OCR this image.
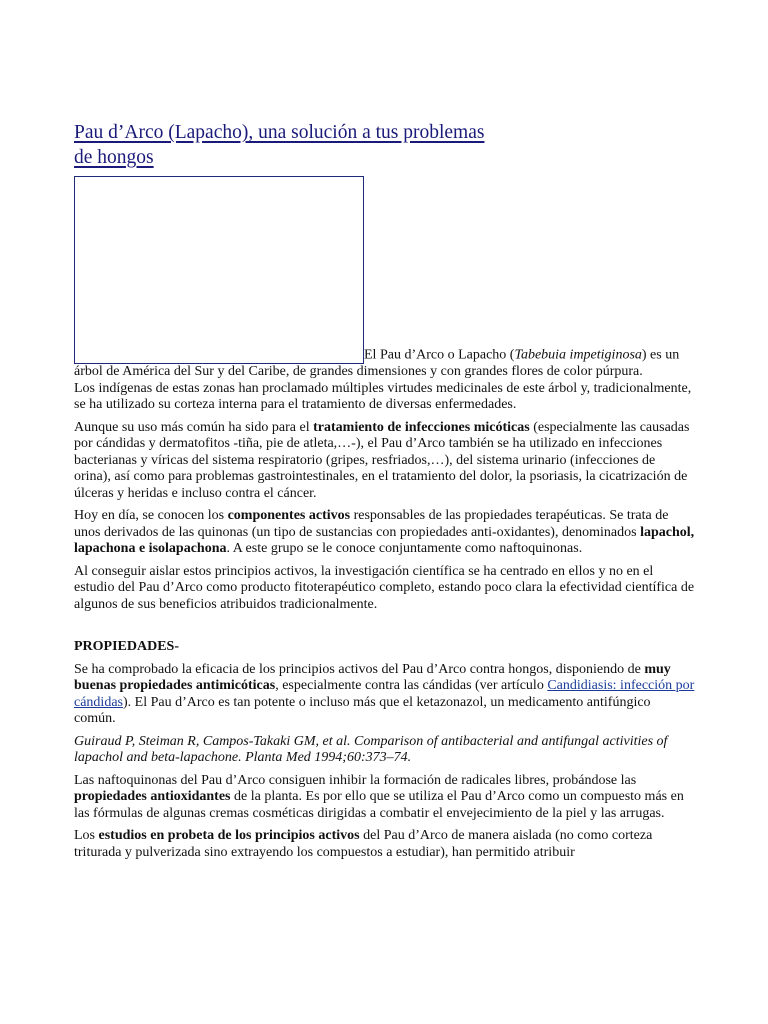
Pau d’Arco (Lapacho), una solución a tus problemas
de hongos

El Pau d’Arco o Lapacho (Tabebuia impetiginosa) es un árbol de América del Sur y del Caribe, de grandes dimensiones y con grandes flores de color púrpura.

Los indígenas de estas zonas han proclamado múltiples virtudes medicinales de este árbol y, tradicionalmente, se ha utilizado su corteza interna para el tratamiento de diversas enfermedades.

Aunque su uso más común ha sido para el tratamiento de infecciones micóticas (especialmente las causadas por cándidas y dermatofitos -tiña, pie de atleta,…-), el Pau d’Arco también se ha utilizado en infecciones bacterianas y víricas del sistema respiratorio (gripes, resfriados,…), del sistema urinario (infecciones de orina), así como para problemas gastrointestinales, en el tratamiento del dolor, la psoriasis, la cicatrización de úlceras y heridas e incluso contra el cáncer.

Hoy en día, se conocen los componentes activos responsables de las propiedades terapéuticas. Se trata de unos derivados de las quinonas (un tipo de sustancias con propiedades anti-oxidantes), denominados lapachol, lapachona e isolapachona. A este grupo se le conoce conjuntamente como naftoquinonas.

Al conseguir aislar estos principios activos, la investigación científica se ha centrado en ellos y no en el estudio del Pau d’Arco como producto fitoterapéutico completo, estando poco clara la efectividad científica de algunos de sus beneficios atribuidos tradicionalmente.

PROPIEDADES-

Se ha comprobado la eficacia de los principios activos del Pau d’Arco contra hongos, disponiendo de muy buenas propiedades antimicóticas, especialmente contra las cándidas (ver artículo Candidiasis: infección por cándidas). El Pau d’Arco es tan potente o incluso más que el ketazonazol, un medicamento antifúngico común.

Guiraud P, Steiman R, Campos-Takaki GM, et al. Comparison of antibacterial and antifungal activities of lapachol and beta-lapachone. Planta Med 1994;60:373–74.

Las naftoquinonas del Pau d’Arco consiguen inhibir la formación de radicales libres, probándose las propiedades antioxidantes de la planta. Es por ello que se utiliza el Pau d’Arco como un compuesto más en las fórmulas de algunas cremas cosméticas dirigidas a combatir el envejecimiento de la piel y las arrugas.

Los estudios en probeta de los principios activos del Pau d’Arco de manera aislada (no como corteza triturada y pulverizada sino extrayendo los compuestos a estudiar), han permitido atribuir
